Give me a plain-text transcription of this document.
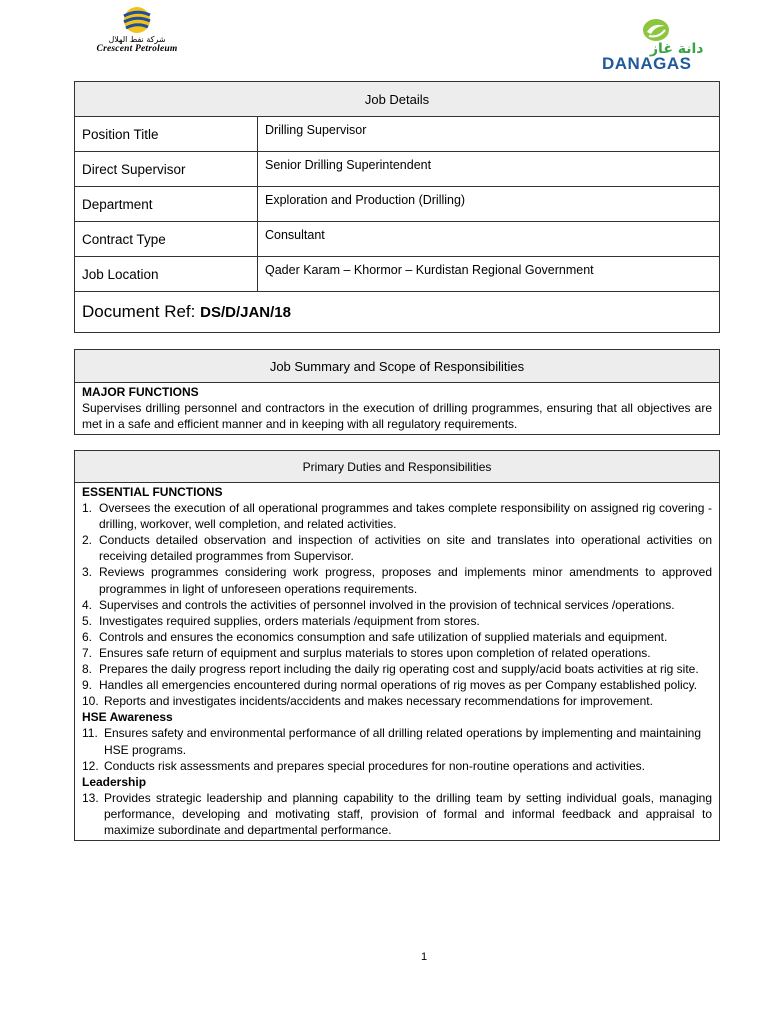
شركة نفط الهلال
Crescent Petroleum	دانة غاز
DANAGAS
Job Details	
Position Title	Drilling Supervisor
Direct Supervisor	Senior Drilling Superintendent
Department	Exploration and Production (Drilling)
Contract Type	Consultant
Job Location	Qader Karam – Khormor – Kurdistan Regional Government
Document Ref: DS/D/JAN/18	
Job Summary and Scope of Responsibilities

MAJOR FUNCTIONS
Supervises drilling personnel and contractors in the execution of drilling programmes, ensuring that all objectives are met in a safe and efficient manner and in keeping with all regulatory requirements.
Primary Duties and Responsibilities

ESSENTIAL FUNCTIONS
1. Oversees the execution of all operational programmes and takes complete responsibility on assigned rig covering - drilling, workover, well completion, and related activities.
2. Conducts detailed observation and inspection of activities on site and translates into operational activities on receiving detailed programmes from Supervisor.
3. Reviews programmes considering work progress, proposes and implements minor amendments to approved programmes in light of unforeseen operations requirements.
4. Supervises and controls the activities of personnel involved in the provision of technical services /operations.
5. Investigates required supplies, orders materials /equipment from stores.
6. Controls and ensures the economics consumption and safe utilization of supplied materials and equipment.
7. Ensures safe return of equipment and surplus materials to stores upon completion of related operations.
8. Prepares the daily progress report including the daily rig operating cost and supply/acid boats activities at rig site.
9. Handles all emergencies encountered during normal operations of rig moves as per Company established policy.
10. Reports and investigates incidents/accidents and makes necessary recommendations for improvement.
HSE Awareness
11. Ensures safety and environmental performance of all drilling related operations by implementing and maintaining HSE programs.
12. Conducts risk assessments and prepares special procedures for non-routine operations and activities.
Leadership
13. Provides strategic leadership and planning capability to the drilling team by setting individual goals, managing performance, developing and motivating staff, provision of formal and informal feedback and appraisal to maximize subordinate and departmental performance.
1
